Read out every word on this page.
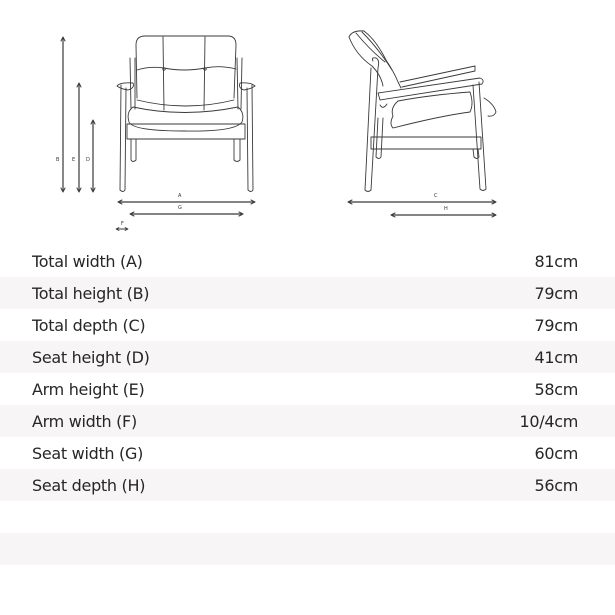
B	E D
A
G
F
C
H
Total width (A)	81cm
Total height (B)	79cm
Total depth (C)	79cm
Seat height (D)	41cm
Arm height (E)	58cm
Arm width (F)	10/4cm
Seat width (G)	60cm
Seat depth (H)	56cm
